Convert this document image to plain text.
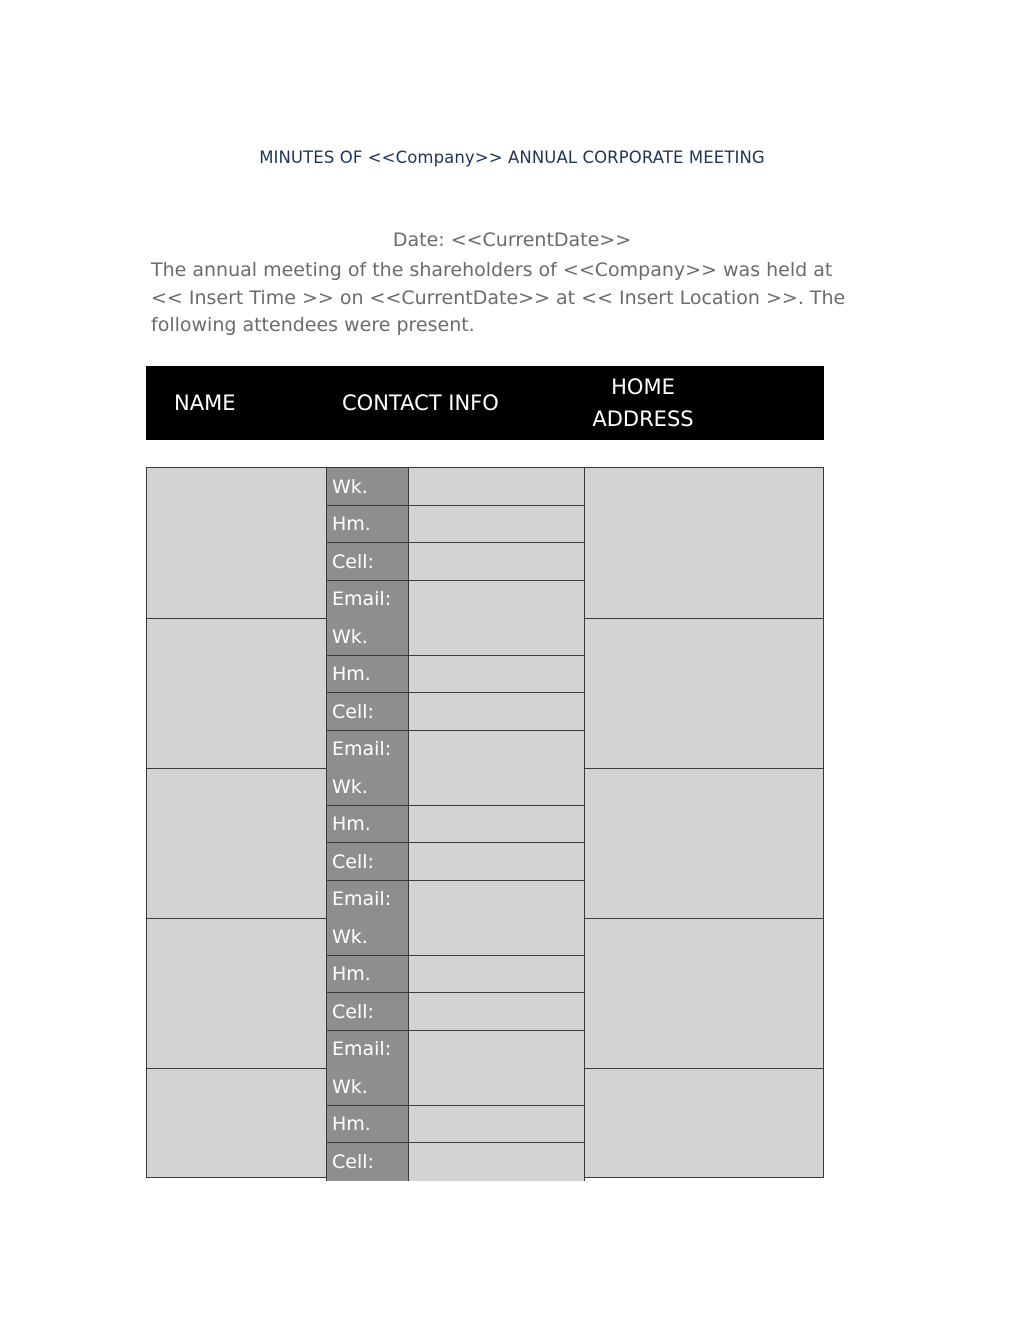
MINUTES OF <<Company>> ANNUAL CORPORATE MEETING
Date: <<CurrentDate>>
The annual meeting of the shareholders of <<Company>> was held at << Insert Time >> on <<CurrentDate>> at << Insert Location >>. The following attendees were present.
NAME	CONTACT INFO
HOME ADDRESS
Wk.
Hm.
Cell:
Email:
Wk.
Hm.
Cell:
Email:
Wk.
Hm.
Cell:
Email:
Wk.
Hm.
Cell:
Email:
Wk.
Hm.
Cell:
